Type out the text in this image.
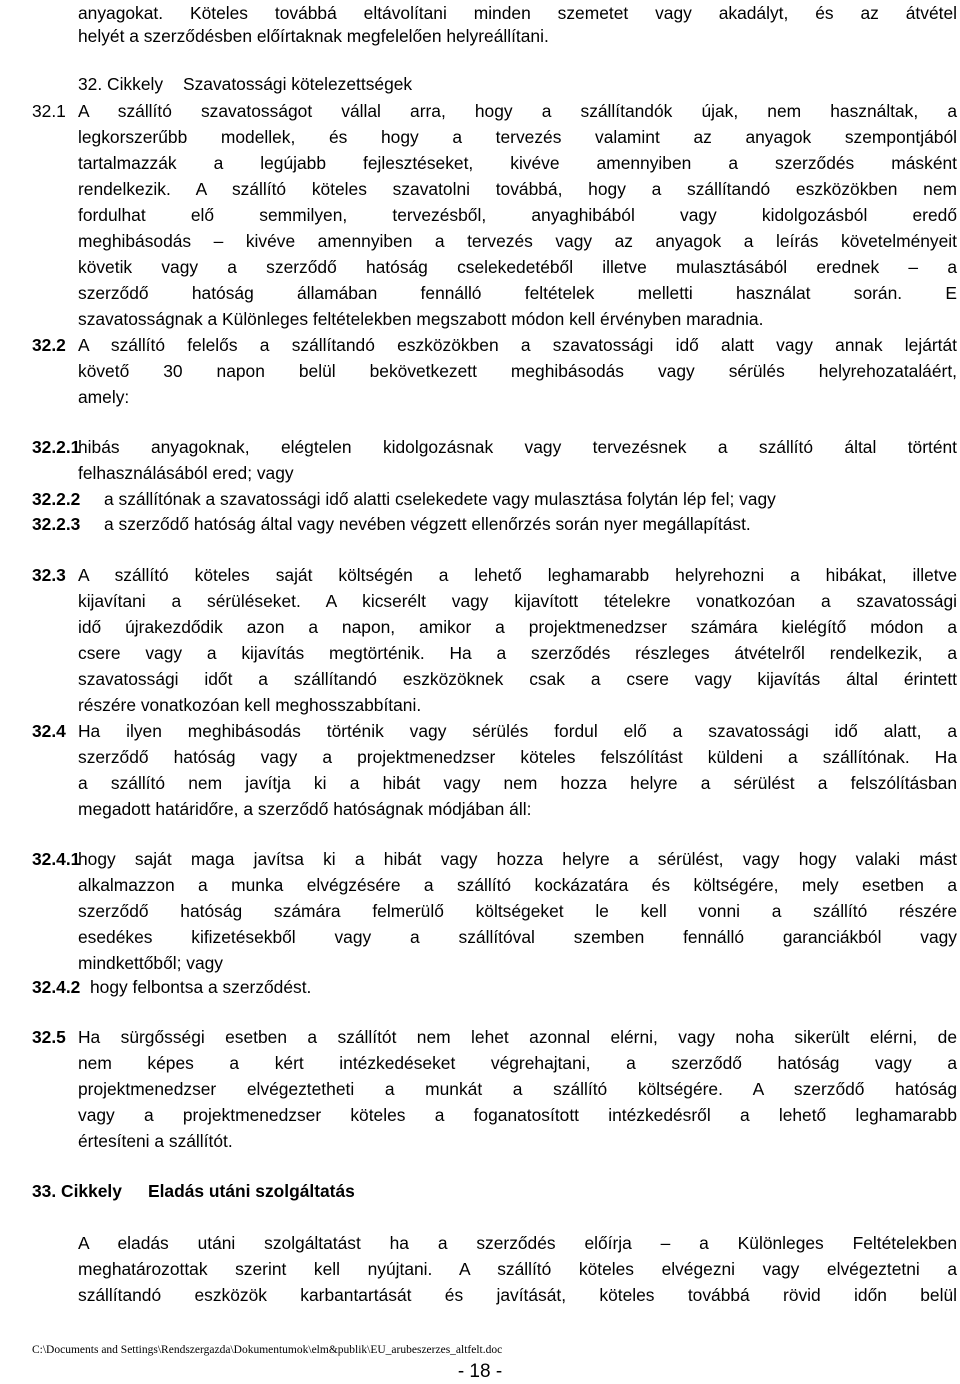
anyagokat. Köteles továbbá eltávolítani minden szemetet vagy akadályt, és az átvétel
helyét a szerződésben előírtaknak megfelelően helyreállítani.
32. Cikkely Szavatossági kötelezettségek
32.1 A szállító szavatosságot vállal arra, hogy a szállítandók újak, nem használtak, a
legkorszerűbb modellek, és hogy a tervezés valamint az anyagok szempontjából
tartalmazzák a legújabb fejlesztéseket, kivéve amennyiben a szerződés másként
rendelkezik. A szállító köteles szavatolni továbbá, hogy a szállítandó eszközökben nem
fordulhat elő semmilyen, tervezésből, anyaghibából vagy kidolgozásból eredő
meghibásodás – kivéve amennyiben a tervezés vagy az anyagok a leírás követelményeit
követik vagy a szerződő hatóság cselekedetéből illetve mulasztásából erednek – a
szerződő hatóság államában fennálló feltételek melletti használat során. E
szavatosságnak a Különleges feltételekben megszabott módon kell érvényben maradnia.
32.2 A szállító felelős a szállítandó eszközökben a szavatossági idő alatt vagy annak lejártát
követő 30 napon belül bekövetkezett meghibásodás vagy sérülés helyrehozataláért,
amely:
32.2.1
hibás anyagoknak, elégtelen kidolgozásnak vagy tervezésnek a szállító által történt
felhasználásából ered; vagy
32.2.2 a szállítónak a szavatossági idő alatti cselekedete vagy mulasztása folytán lép fel; vagy
32.2.3 a szerződő hatóság által vagy nevében végzett ellenőrzés során nyer megállapítást.
32.3 A szállító köteles saját költségén a lehető leghamarabb helyrehozni a hibákat, illetve
kijavítani a sérüléseket. A kicserélt vagy kijavított tételekre vonatkozóan a szavatossági
idő újrakezdődik azon a napon, amikor a projektmenedzser számára kielégítő módon a
csere vagy a kijavítás megtörténik. Ha a szerződés részleges átvételről rendelkezik, a
szavatossági időt a szállítandó eszközöknek csak a csere vagy kijavítás által érintett
részére vonatkozóan kell meghosszabbítani.
32.4 Ha ilyen meghibásodás történik vagy sérülés fordul elő a szavatossági idő alatt, a
szerződő hatóság vagy a projektmenedzser köteles felszólítást küldeni a szállítónak. Ha
a szállító nem javítja ki a hibát vagy nem hozza helyre a sérülést a felszólításban
megadott határidőre, a szerződő hatóságnak módjában áll:
32.4.1
hogy saját maga javítsa ki a hibát vagy hozza helyre a sérülést, vagy hogy valaki mást
alkalmazzon a munka elvégzésére a szállító kockázatára és költségére, mely esetben a
szerződő hatóság számára felmerülő költségeket le kell vonni a szállító részére
esedékes kifizetésekből vagy a szállítóval szemben fennálló garanciákból vagy
mindkettőből; vagy
32.4.2 hogy felbontsa a szerződést.
32.5 Ha sürgősségi esetben a szállítót nem lehet azonnal elérni, vagy noha sikerült elérni, de
nem képes a kért intézkedéseket végrehajtani, a szerződő hatóság vagy a
projektmenedzser elvégeztetheti a munkát a szállító költségére. A szerződő hatóság
vagy a projektmenedzser köteles a foganatosított intézkedésről a lehető leghamarabb
értesíteni a szállítót.
33. Cikkely Eladás utáni szolgáltatás
A eladás utáni szolgáltatást ha a szerződés előírja – a Különleges Feltételekben
meghatározottak szerint kell nyújtani. A szállító köteles elvégezni vagy elvégeztetni a
szállítandó eszközök karbantartását és javítását, köteles továbbá rövid időn belül
C:\Documents and Settings\Rendszergazda\Dokumentumok\elm&publik\EU_arubeszerzes_altfelt.doc
- 18 -
